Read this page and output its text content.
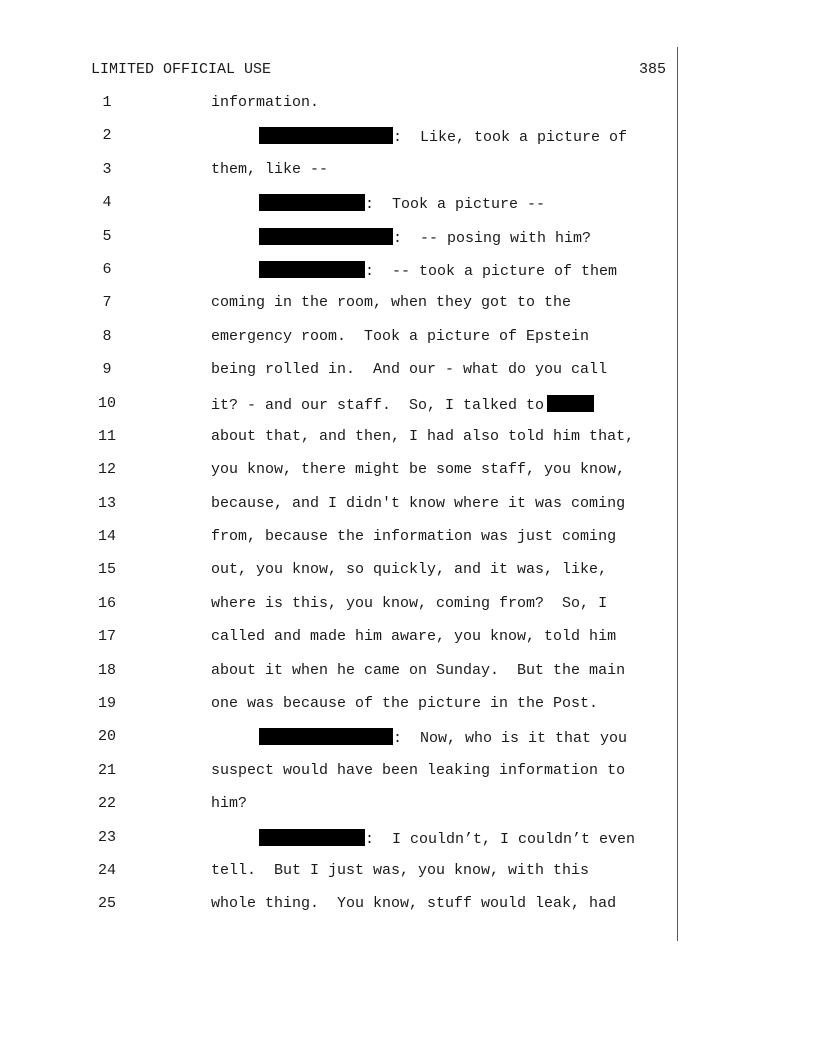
LIMITED OFFICIAL USE	385
1	information.
2	:  Like, took a picture of
3	them, like --
4	:  Took a picture --
5	:  -- posing with him?
6	:  -- took a picture of them
7	coming in the room, when they got to the
8	emergency room.  Took a picture of Epstein
9	being rolled in.  And our - what do you call
10	it? - and our staff.  So, I talked to
11	about that, and then, I had also told him that,
12	you know, there might be some staff, you know,
13	because, and I didn't know where it was coming
14	from, because the information was just coming
15	out, you know, so quickly, and it was, like,
16	where is this, you know, coming from?  So, I
17	called and made him aware, you know, told him
18	about it when he came on Sunday.  But the main
19	one was because of the picture in the Post.
20	:  Now, who is it that you
21	suspect would have been leaking information to
22	him?
23	:  I couldn’t, I couldn’t even
24	tell.  But I just was, you know, with this
25	whole thing.  You know, stuff would leak, had
